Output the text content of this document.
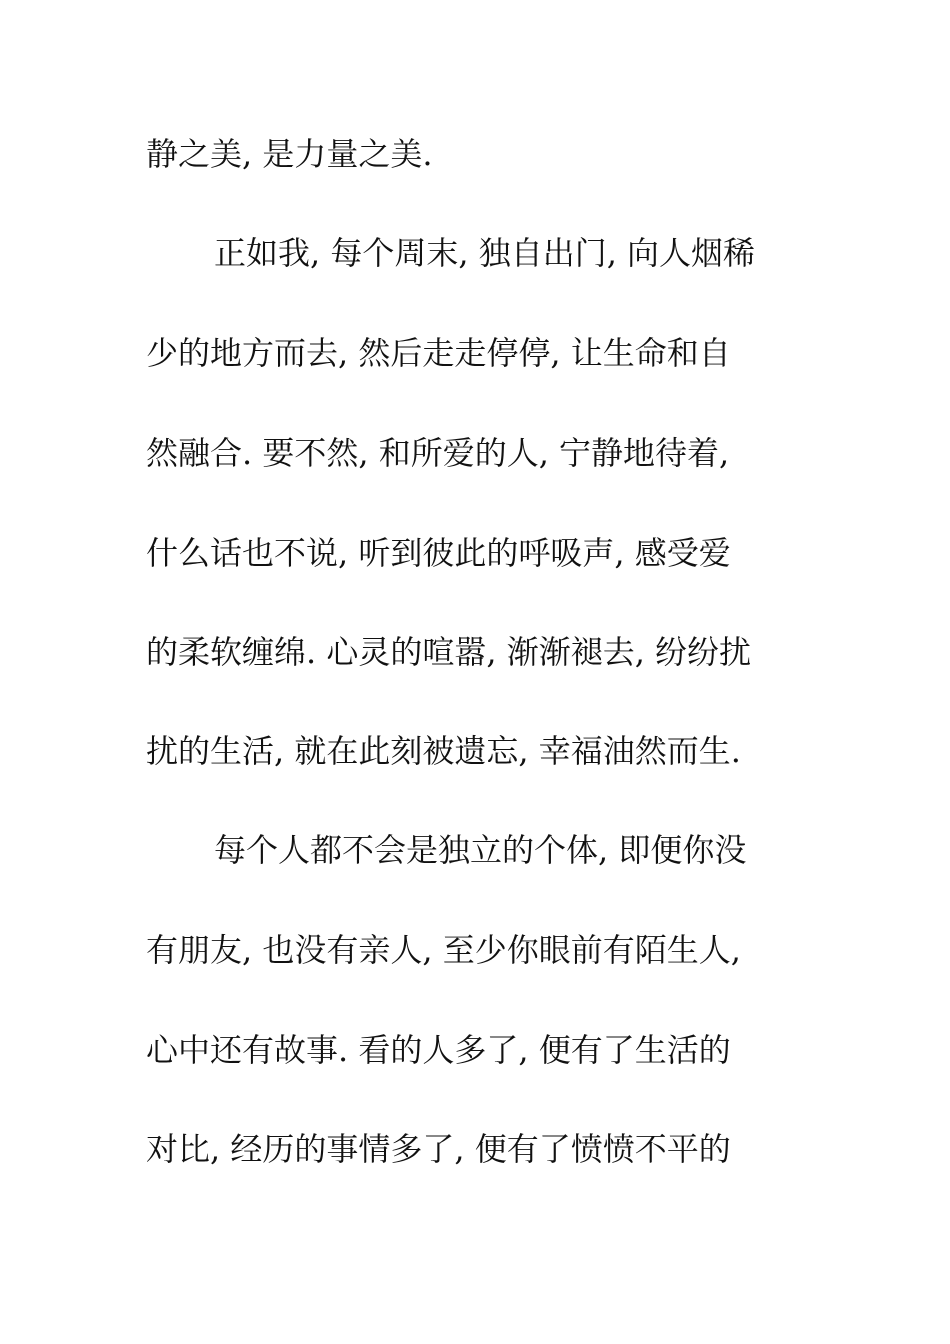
静之美, 是力量之美.
正如我, 每个周末, 独自出门, 向人烟稀
少的地方而去, 然后走走停停, 让生命和自
然融合. 要不然, 和所爱的人, 宁静地待着,
什么话也不说, 听到彼此的呼吸声, 感受爱
的柔软缠绵. 心灵的喧嚣, 渐渐褪去, 纷纷扰
扰的生活, 就在此刻被遗忘, 幸福油然而生.
每个人都不会是独立的个体, 即便你没
有朋友, 也没有亲人, 至少你眼前有陌生人,
心中还有故事. 看的人多了, 便有了生活的
对比, 经历的事情多了, 便有了愤愤不平的
